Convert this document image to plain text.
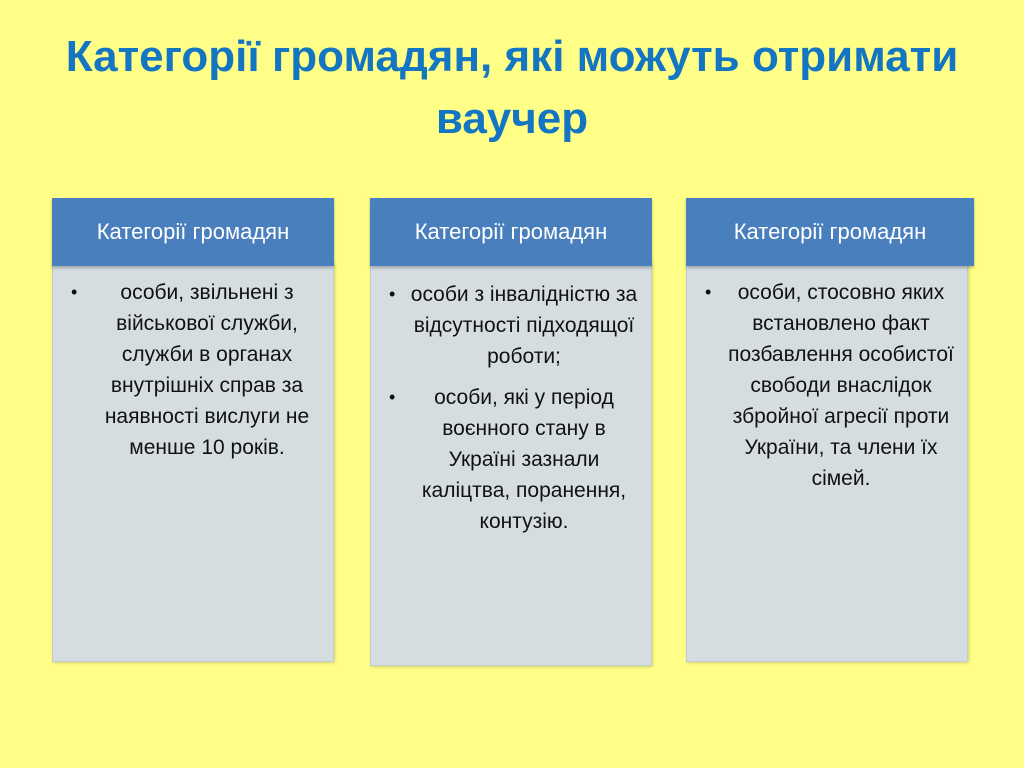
Категорії громадян, які можуть отримати ваучер
Категорії громадян
• особи, звільнені з військової служби, служби в органах внутрішніх справ за наявності вислуги не менше 10 років.
Категорії громадян
• особи з інвалідністю за відсутності підходящої роботи;
• особи, які у період воєнного стану в Україні зазнали каліцтва, поранення, контузію.
Категорії громадян
• особи, стосовно яких встановлено факт позбавлення особистої свободи внаслідок збройної агресії проти України, та члени їх сімей.
